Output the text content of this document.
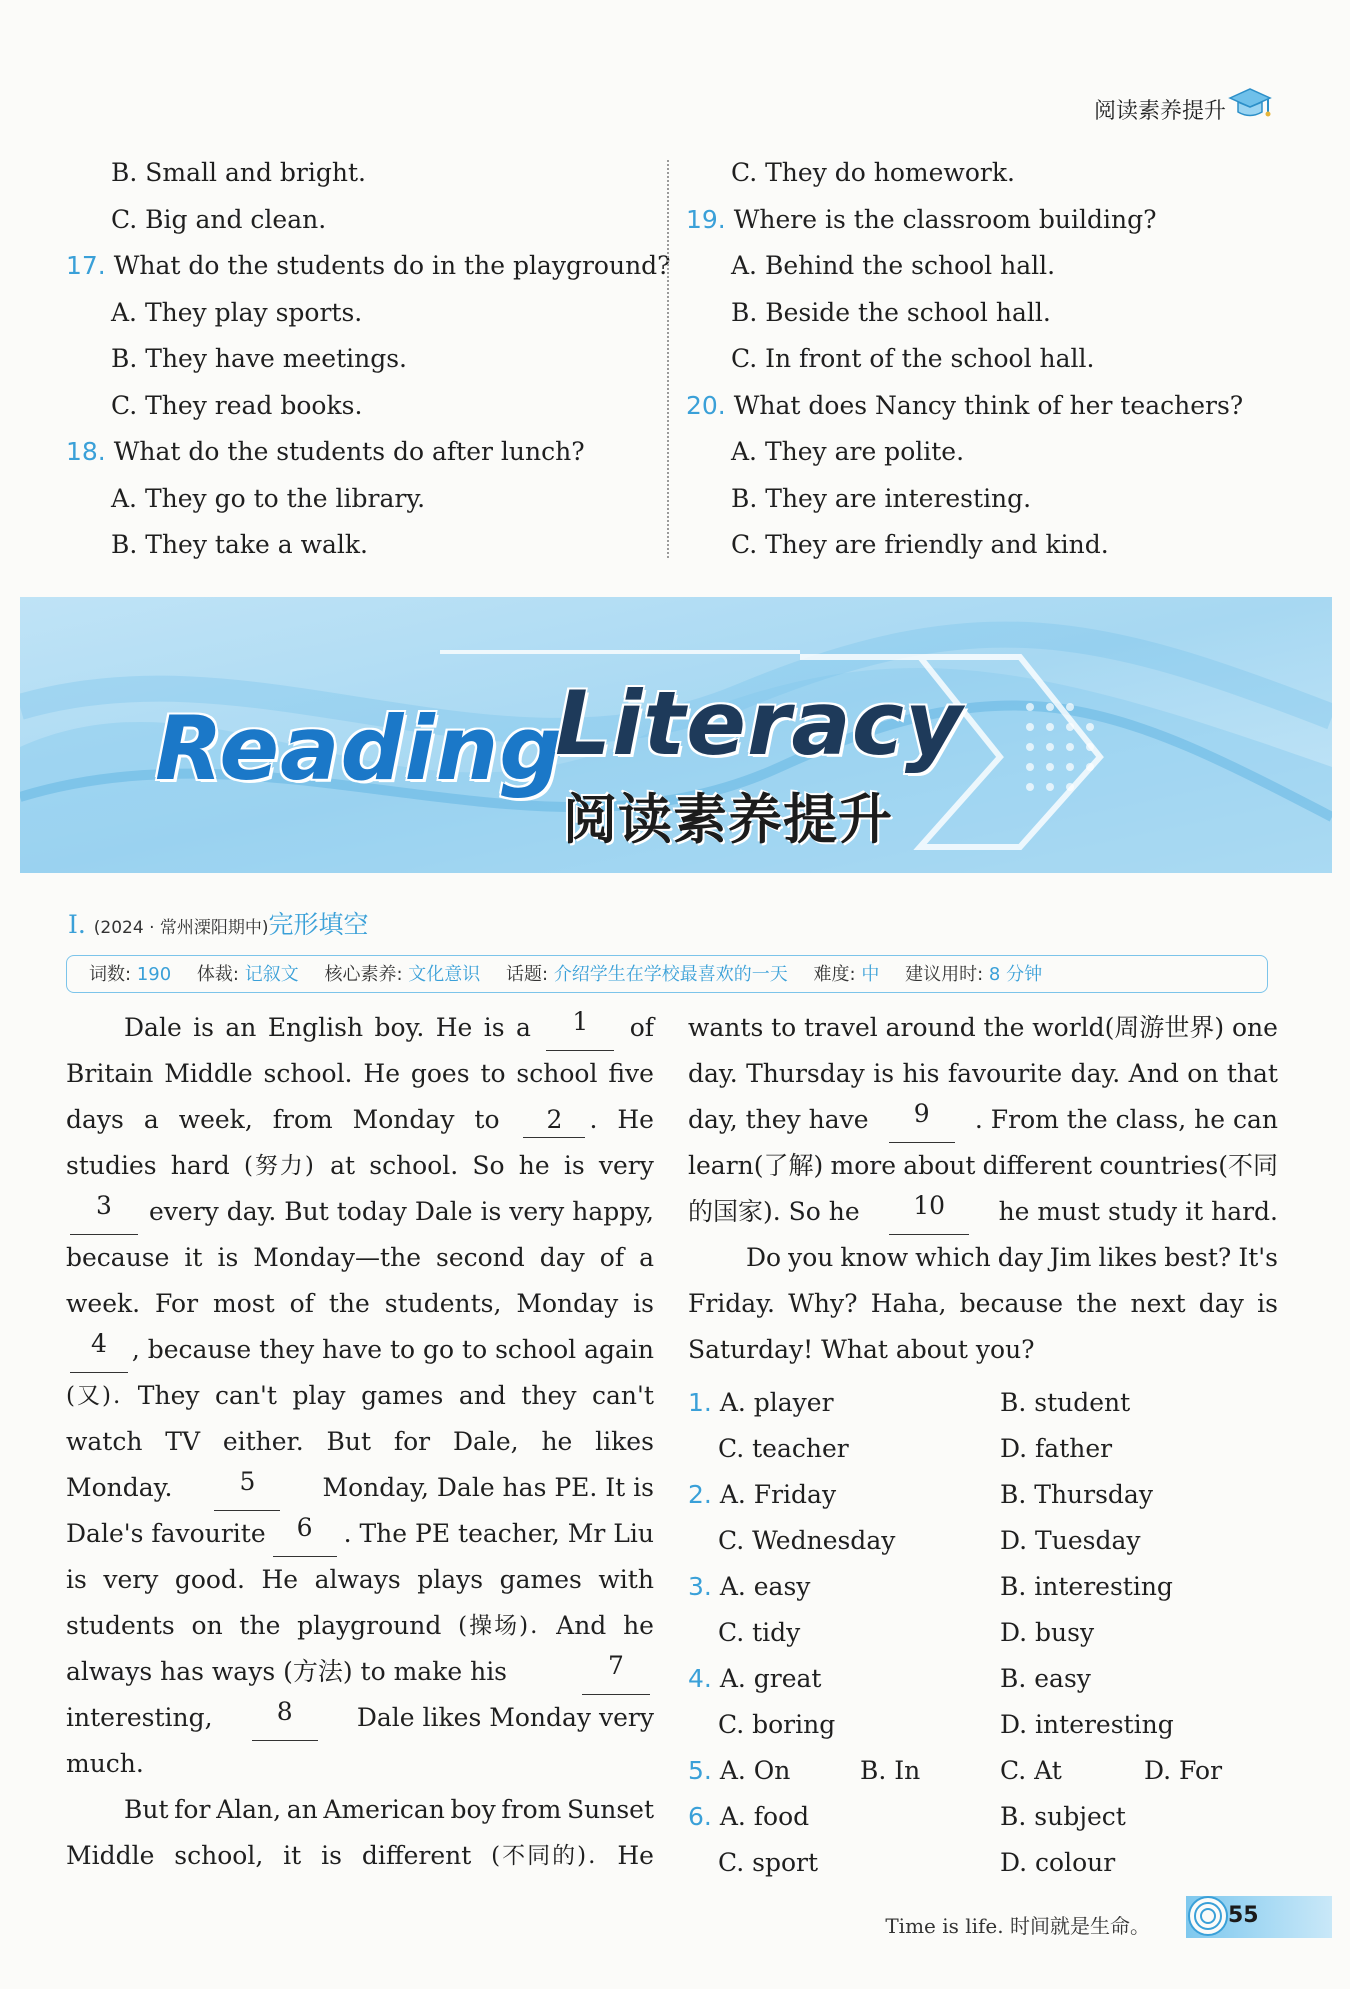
阅读素养提升
B. Small and bright.
C. Big and clean.
17. What do the students do in the playground?
A. They play sports.
B. They have meetings.
C. They read books.
18. What do the students do after lunch?
A. They go to the library.
B. They take a walk.
C. They do homework.
19. Where is the classroom building?
A. Behind the school hall.
B. Beside the school hall.
C. In front of the school hall.
20. What does Nancy think of her teachers?
A. They are polite.
B. They are interesting.
C. They are friendly and kind.
Reading
Literacy
阅读素养提升
Ⅰ. (2024 · 常州溧阳期中)完形填空
词数: 190 体裁: 记叙文 核心素养: 文化意识 话题: 介绍学生在学校最喜欢的一天 难度: 中 建议用时: 8 分钟
Dale is an English boy. He is a	1	of
Britain Middle school. He goes to school five
days a week, from Monday to	2 . He
studies hard (努力) at school. So he is very
3	every day. But today Dale is very happy,
because it is Monday—the second day of a
week. For most of the students, Monday is
4 , because they have to go to school again
(又). They can't play games and they can't
watch TV either. But for Dale, he likes
Monday.	5	Monday, Dale has PE. It is
Dale's favourite	6	. The PE teacher, Mr Liu
is very good. He always plays games with
students on the playground (操场). And he
always has ways (方法) to make his	7
interesting,	8	Dale likes Monday very
much.
But for Alan, an American boy from Sunset
Middle school, it is different (不同的). He
wants to travel around the world(周游世界) one
day. Thursday is his favourite day. And on that
day, they have	9	. From the class, he can
learn(了解) more about different countries(不同
的国家). So he	10	he must study it hard.
Do you know which day Jim likes best? It's
Friday. Why? Haha, because the next day is
Saturday! What about you?
1. A. player	B. student
C. teacher	D. father
2. A. Friday	B. Thursday
C. Wednesday	D. Tuesday
3. A. easy	B. interesting
C. tidy	D. busy
4. A. great	B. easy
C. boring	D. interesting
5. A. On	B. In	C. At	D. For
6. A. food	B. subject
C. sport	D. colour
Time is life. 时间就是生命。	55
